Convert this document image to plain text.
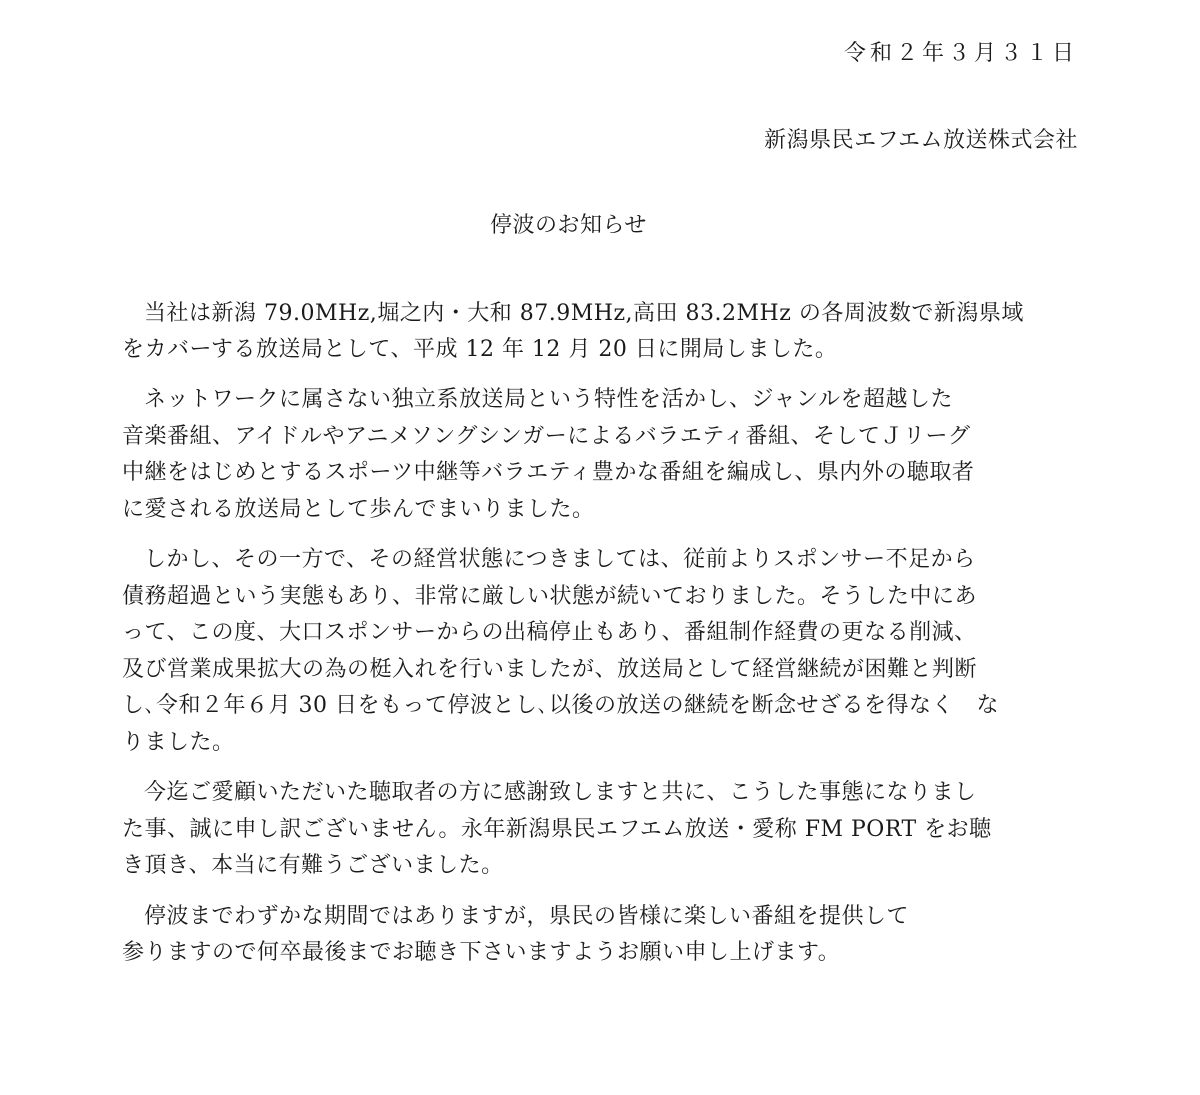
令和２年３月３１日
新潟県民エフエム放送株式会社
停波のお知らせ
当社は新潟 79.0MHz,堀之内・大和 87.9MHz,高田 83.2MHz の各周波数で新潟県域
をカバーする放送局として、平成 12 年 12 月 20 日に開局しました。
ネットワークに属さない独立系放送局という特性を活かし、ジャンルを超越した
音楽番組、アイドルやアニメソングシンガーによるバラエティ番組、そしてＪリーグ
中継をはじめとするスポーツ中継等バラエティ豊かな番組を編成し、県内外の聴取者
に愛される放送局として歩んでまいりました。
しかし、その一方で、その経営状態につきましては、従前よりスポンサー不足から
債務超過という実態もあり、非常に厳しい状態が続いておりました。そうした中にあ
って、この度、大口スポンサーからの出稿停止もあり、番組制作経費の更なる削減、
及び営業成果拡大の為の梃入れを行いましたが、放送局として経営継続が困難と判断
し､令和２年６月 30 日をもって停波とし､以後の放送の継続を断念せざるを得なく　な
りました。
今迄ご愛顧いただいた聴取者の方に感謝致しますと共に、こうした事態になりまし
た事、誠に申し訳ございません。永年新潟県民エフエム放送・愛称 FM PORT をお聴
き頂き、本当に有難うございました。
停波までわずかな期間ではありますが，県民の皆様に楽しい番組を提供して
参りますので何卒最後までお聴き下さいますようお願い申し上げます。
